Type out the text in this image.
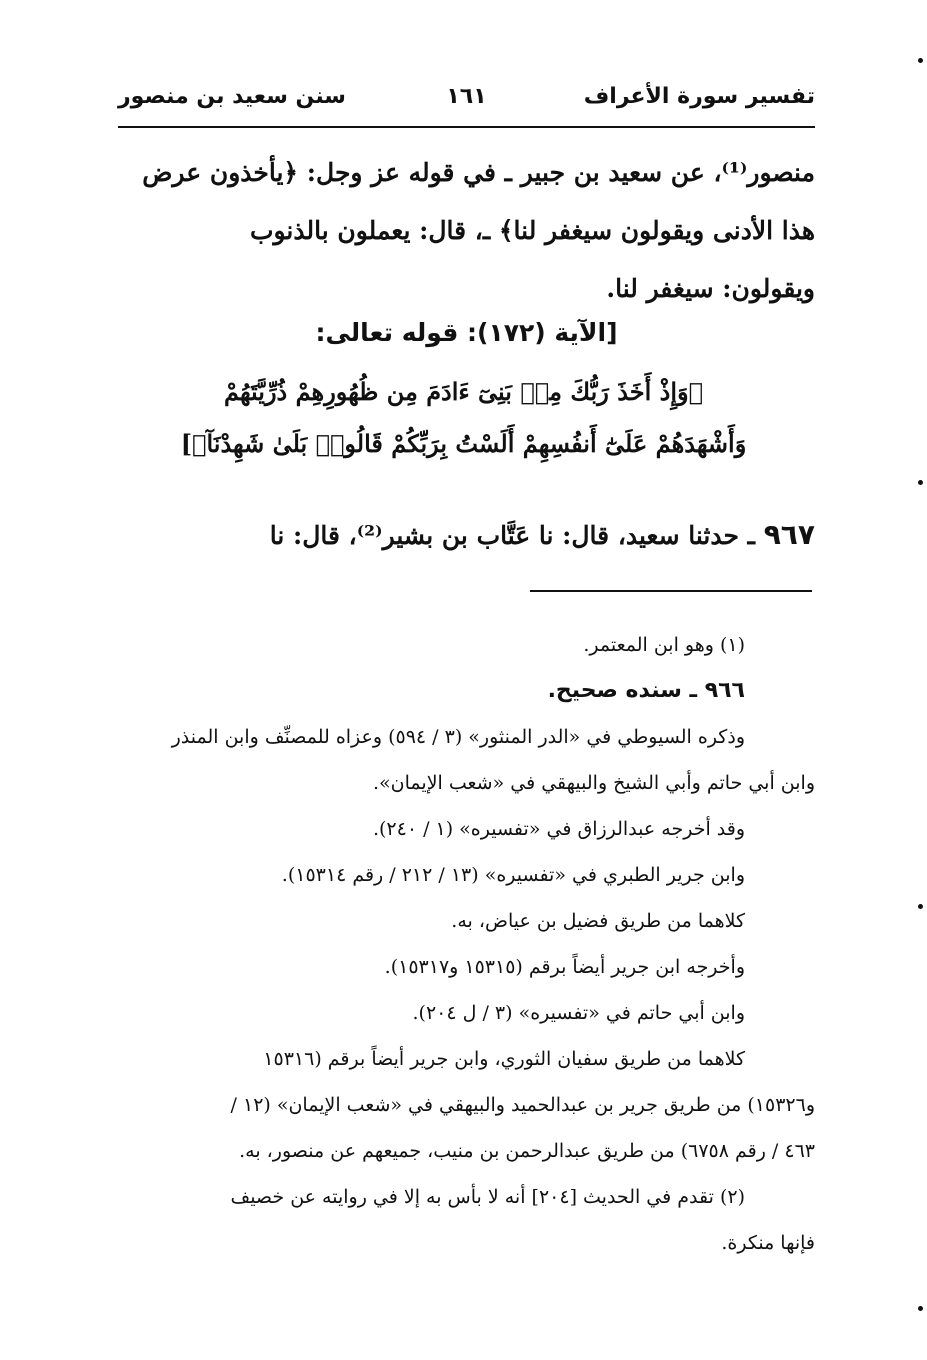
تفسير سورة الأعراف
١٦١
سنن سعيد بن منصور

منصور⁽¹⁾، عن سعيد بن جبير ـ في قوله عز وجل: ﴿يأخذون عرض

هذا الأدنى ويقولون سيغفر لنا﴾ ـ، قال: يعملون بالذنوب

ويقولون: سيغفر لنا.

[الآية (١٧٢): قوله تعالى:

﴿وَإِذْ أَخَذَ رَبُّكَ مِنۢ بَنِىٓ ءَادَمَ مِن ظُهُورِهِمْ ذُرِّيَّتَهُمْ

وَأَشْهَدَهُمْ عَلَىٰٓ أَنفُسِهِمْ أَلَسْتُ بِرَبِّكُمْ قَالُوا۟ بَلَىٰ شَهِدْنَآ﴾]

٩٦٧ ـ حدثنا سعيد، قال: نا عَتَّاب بن بشير⁽²⁾، قال: نا

(١) وهو ابن المعتمر.

٩٦٦ ـ سنده صحيح.

وذكره السيوطي في «الدر المنثور» (٣ / ٥٩٤) وعزاه للمصنِّف وابن المنذر

وابن أبي حاتم وأبي الشيخ والبيهقي في «شعب الإيمان».

وقد أخرجه عبدالرزاق في «تفسيره» (١ / ٢٤٠).

وابن جرير الطبري في «تفسيره» (١٣ / ٢١٢ / رقم ١٥٣١٤).

كلاهما من طريق فضيل بن عياض، به.

وأخرجه ابن جرير أيضاً برقم (١٥٣١٥ و١٥٣١٧).

وابن أبي حاتم في «تفسيره» (٣ / ل ٢٠٤).

كلاهما من طريق سفيان الثوري، وابن جرير أيضاً برقم (١٥٣١٦

و١٥٣٢٦) من طريق جرير بن عبدالحميد والبيهقي في «شعب الإيمان» (١٢ /

٤٦٣ / رقم ٦٧٥٨) من طريق عبدالرحمن بن منيب، جميعهم عن منصور، به.

(٢) تقدم في الحديث [٢٠٤] أنه لا بأس به إلا في روايته عن خصيف

فإنها منكرة.
